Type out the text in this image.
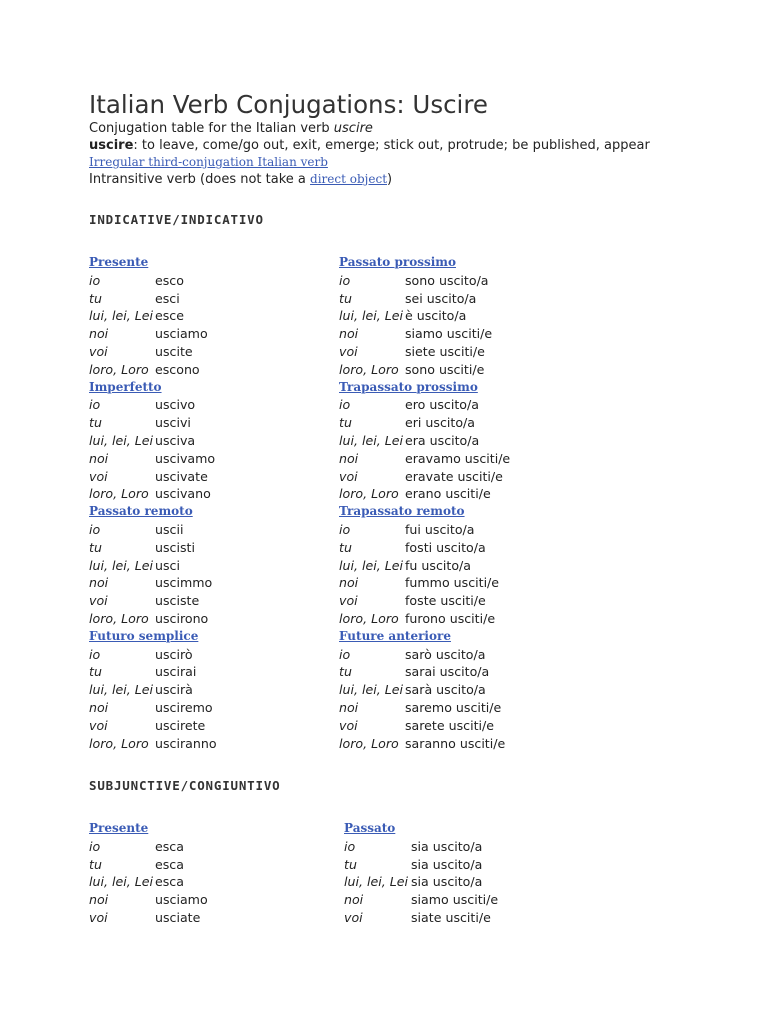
Italian Verb Conjugations: Uscire
Conjugation table for the Italian verb uscire
uscire: to leave, come/go out, exit, emerge; stick out, protrude; be published, appear
Irregular third-conjugation Italian verb
Intransitive verb (does not take a direct object)
INDICATIVE/INDICATIVO
Presente
io	esco
tu	esci
lui, lei, Lei esce
noi	usciamo
voi	uscite
loro, Loro escono
Imperfetto
io	uscivo
tu	uscivi
lui, lei, Lei usciva
noi	uscivamo
voi	uscivate
loro, Loro uscivano
Passato remoto
io	uscii
tu	uscisti
lui, lei, Lei usci
noi	uscimmo
voi	usciste
loro, Loro uscirono
Futuro semplice
io	uscirò
tu	uscirai
lui, lei, Lei uscirà
noi	usciremo
voi	uscirete
loro, Loro usciranno
Passato prossimo
io	sono uscito/a
tu	sei uscito/a
lui, lei, Lei è uscito/a
noi	siamo usciti/e
voi	siete usciti/e
loro, Loro sono usciti/e
Trapassato prossimo
io	ero uscito/a
tu	eri uscito/a
lui, lei, Lei era uscito/a
noi	eravamo usciti/e
voi	eravate usciti/e
loro, Loro erano usciti/e
Trapassato remoto
io	fui uscito/a
tu	fosti uscito/a
lui, lei, Lei fu uscito/a
noi	fummo usciti/e
voi	foste usciti/e
loro, Loro furono usciti/e
Future anteriore
io	sarò uscito/a
tu	sarai uscito/a
lui, lei, Lei sarà uscito/a
noi	saremo usciti/e
voi	sarete usciti/e
loro, Loro saranno usciti/e
SUBJUNCTIVE/CONGIUNTIVO
Presente
io	esca
tu	esca
lui, lei, Lei esca
noi	usciamo
voi	usciate
Passato
io	sia uscito/a
tu	sia uscito/a
lui, lei, Lei sia uscito/a
noi	siamo usciti/e
voi	siate usciti/e
